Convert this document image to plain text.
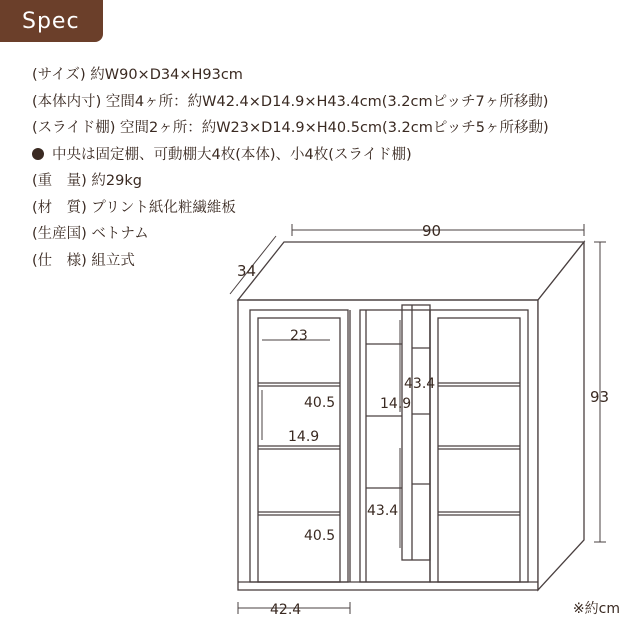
Spec
(サイズ) 約W90×D34×H93cm
(本体内寸) 空間4ヶ所：約W42.4×D14.9×H43.4cm(3.2cmピッチ7ヶ所移動)
(スライド棚) 空間2ヶ所：約W23×D14.9×H40.5cm(3.2cmピッチ5ヶ所移動)
中央は固定棚、可動棚大4枚(本体)、小4枚(スライド棚)
(重　量) 約29kg
(材　質) プリント紙化粧繊維板
(生産国) ベトナム
(仕　様) 組立式
90
34
93
23
40.5
14.9
40.5
43.4
14.9
43.4
42.4	※約cm
